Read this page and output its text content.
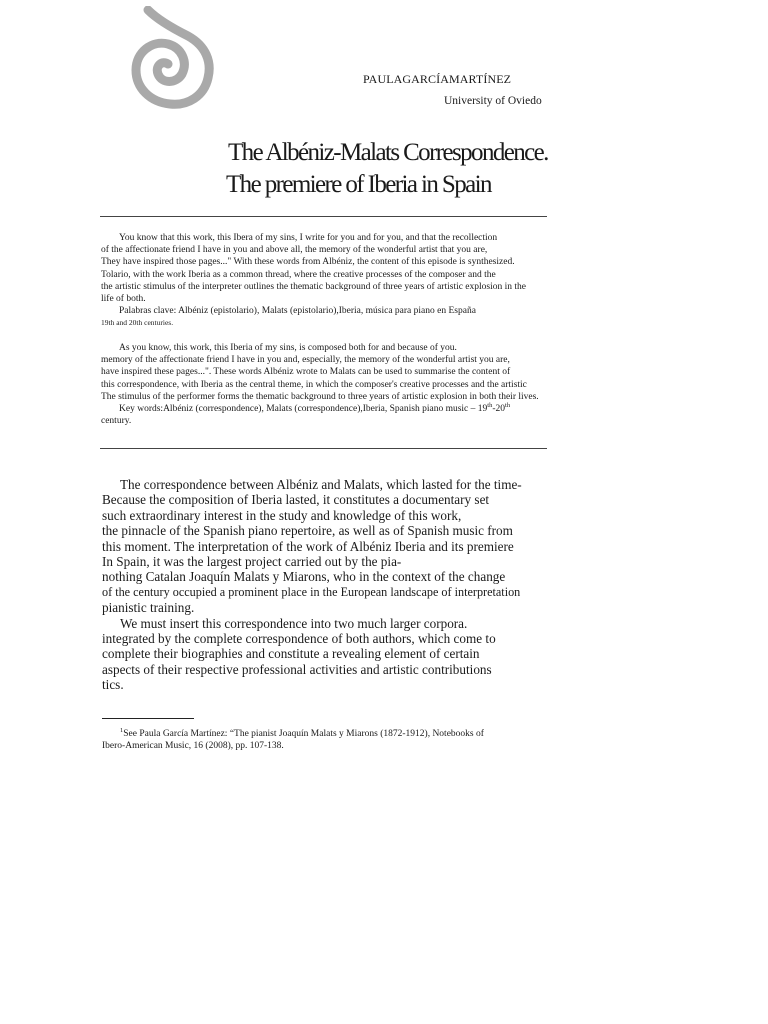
PAULAGARCÍAMARTÍNEZ
University of Oviedo
The Albéniz-Malats Correspondence.
The premiere of Iberia in Spain
You know that this work, this Ibera of my sins, I write for you and for you, and that the recollection
of the affectionate friend I have in you and above all, the memory of the wonderful artist that you are,
They have inspired those pages..." With these words from Albéniz, the content of this episode is synthesized.
Tolario, with the work Iberia as a common thread, where the creative processes of the composer and the
the artistic stimulus of the interpreter outlines the thematic background of three years of artistic explosion in the
life of both.
Palabras clave: Albéniz (epistolario), Malats (epistolario),Iberia, música para piano en España
19th and 20th centuries.
As you know, this work, this Iberia of my sins, is composed both for and because of you.
memory of the affectionate friend I have in you and, especially, the memory of the wonderful artist you are,
have inspired these pages...". These words Albéniz wrote to Malats can be used to summarise the content of
this correspondence, with Iberia as the central theme, in which the composer's creative processes and the artistic
The stimulus of the performer forms the thematic background to three years of artistic explosion in both their lives.
Key words:Albéniz (correspondence), Malats (correspondence),Iberia, Spanish piano music – 19th-20th
century.
The correspondence between Albéniz and Malats, which lasted for the time-
Because the composition of Iberia lasted, it constitutes a documentary set
such extraordinary interest in the study and knowledge of this work,
the pinnacle of the Spanish piano repertoire, as well as of Spanish music from
this moment. The interpretation of the work of Albéniz Iberia and its premiere
In Spain, it was the largest project carried out by the pia-
nothing Catalan Joaquín Malats y Miarons, who in the context of the change
of the century occupied a prominent place in the European landscape of interpretation
pianistic training.
We must insert this correspondence into two much larger corpora.
integrated by the complete correspondence of both authors, which come to
complete their biographies and constitute a revealing element of certain
aspects of their respective professional activities and artistic contributions
tics.
$^1$See Paula García Martínez: “The pianist Joaquín Malats y Miarons (1872-1912), Notebooks of
Ibero-American Music, 16 (2008), pp. 107-138.
